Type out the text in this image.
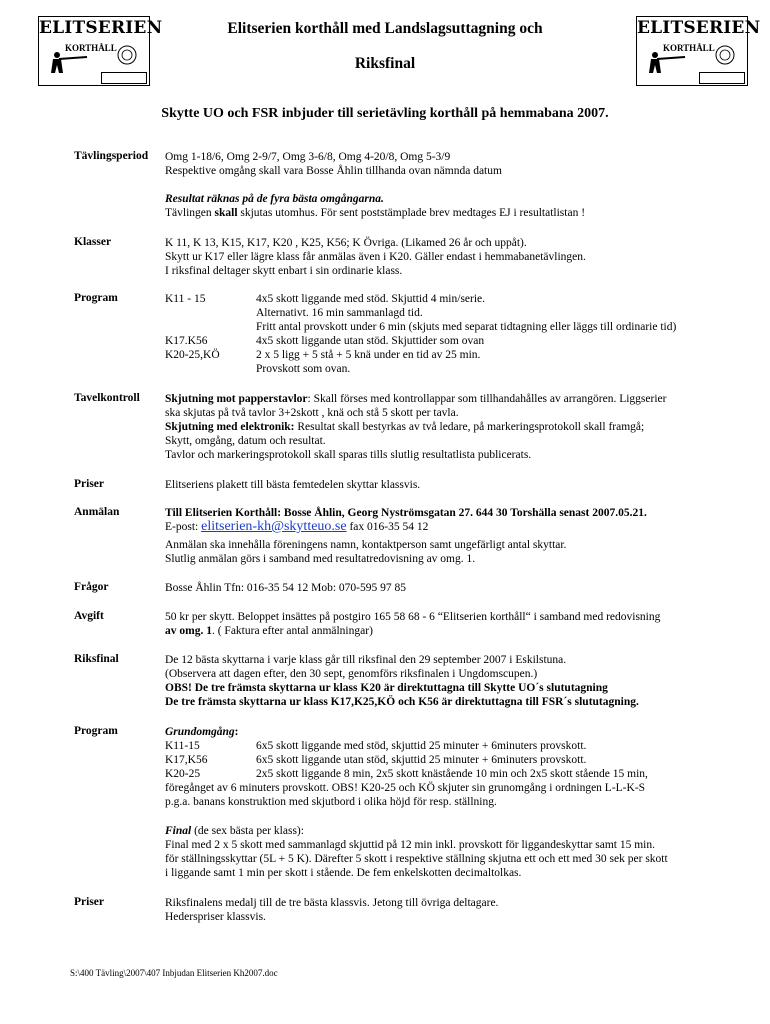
ELITSERIEN
KORTHÅLL
ELITSERIEN
KORTHÅLL
Elitserien korthåll med Landslagsuttagning och
Riksfinal
Skytte UO och FSR inbjuder till serietävling korthåll på hemmabana 2007.
Tävlingsperiod Omg 1-18/6, Omg 2-9/7, Omg 3-6/8, Omg 4-20/8, Omg 5-3/9
Respektive omgång skall vara Bosse Åhlin tillhanda ovan nämnda datum
Resultat räknas på de fyra bästa omgångarna.
Tävlingen skall skjutas utomhus. För sent poststämplade brev medtages EJ i resultatlistan !
Klasser	K 11, K 13, K15, K17, K20 , K25, K56; K Övriga. (Likamed 26 år och uppåt).
Skytt ur K17 eller lägre klass får anmälas även i K20. Gäller endast i hemmabanetävlingen.
I riksfinal deltager skytt enbart i sin ordinarie klass.
Program	K11 - 15	4x5 skott liggande med stöd. Skjuttid 4 min/serie.
Alternativt. 16 min sammanlagd tid.
Fritt antal provskott under 6 min (skjuts med separat tidtagning eller läggs till ordinarie tid)
K17.K56	4x5 skott liggande utan stöd. Skjuttider som ovan
K20-25,KÖ	2 x 5 ligg + 5 stå + 5 knä under en tid av 25 min.
Provskott som ovan.
Tavelkontroll Skjutning mot papperstavlor: Skall förses med kontrollappar som tillhandahålles av arrangören. Liggserier
ska skjutas på två tavlor 3+2skott , knä och stå 5 skott per tavla.
Skjutning med elektronik: Resultat skall bestyrkas av två ledare, på markeringsprotokoll skall framgå;
Skytt, omgång, datum och resultat.
Tavlor och markeringsprotokoll skall sparas tills slutlig resultatlista publicerats.
Priser	Elitseriens plakett till bästa femtedelen skyttar klassvis.
Anmälan	Till Elitserien Korthåll: Bosse Åhlin, Georg Nyströmsgatan 27. 644 30 Torshälla senast 2007.05.21.
E-post: elitserien-kh@skytteuo.se fax 016-35 54 12
Anmälan ska innehålla föreningens namn, kontaktperson samt ungefärligt antal skyttar.
Slutlig anmälan görs i samband med resultatredovisning av omg. 1.
Frågor	Bosse Åhlin Tfn: 016-35 54 12 Mob: 070-595 97 85
Avgift	50 kr per skytt. Beloppet insättes på postgiro 165 58 68 - 6 “Elitserien korthåll“ i samband med redovisning
av omg. 1. ( Faktura efter antal anmälningar)
Riksfinal	De 12 bästa skyttarna i varje klass går till riksfinal den 29 september 2007 i Eskilstuna.
(Observera att dagen efter, den 30 sept, genomförs riksfinalen i Ungdomscupen.)
OBS! De tre främsta skyttarna ur klass K20 är direktuttagna till Skytte UO´s slututagning
De tre främsta skyttarna ur klass K17,K25,KÖ och K56 är direktuttagna till FSR´s slututagning.
Program	Grundomgång:
K11-15	6x5 skott liggande med stöd, skjuttid 25 minuter + 6minuters provskott.
K17,K56	6x5 skott liggande utan stöd, skjuttid 25 minuter + 6minuters provskott.
K20-25	2x5 skott liggande 8 min, 2x5 skott knästående 10 min och 2x5 skott stående 15 min,
föregånget av 6 minuters provskott. OBS! K20-25 och KÖ skjuter sin grunomgång i ordningen L-L-K-S
p.g.a. banans konstruktion med skjutbord i olika höjd för resp. ställning.
Final (de sex bästa per klass):
Final med 2 x 5 skott med sammanlagd skjuttid på 12 min inkl. provskott för liggandeskyttar samt 15 min.
för ställningsskyttar (5L + 5 K). Därefter 5 skott i respektive ställning skjutna ett och ett med 30 sek per skott
i liggande samt 1 min per skott i stående. De fem enkelskotten decimaltolkas.
Priser	Riksfinalens medalj till de tre bästa klassvis. Jetong till övriga deltagare.
Hederspriser klassvis.
S:\400 Tävling\2007\407 Inbjudan Elitserien Kh2007.doc
